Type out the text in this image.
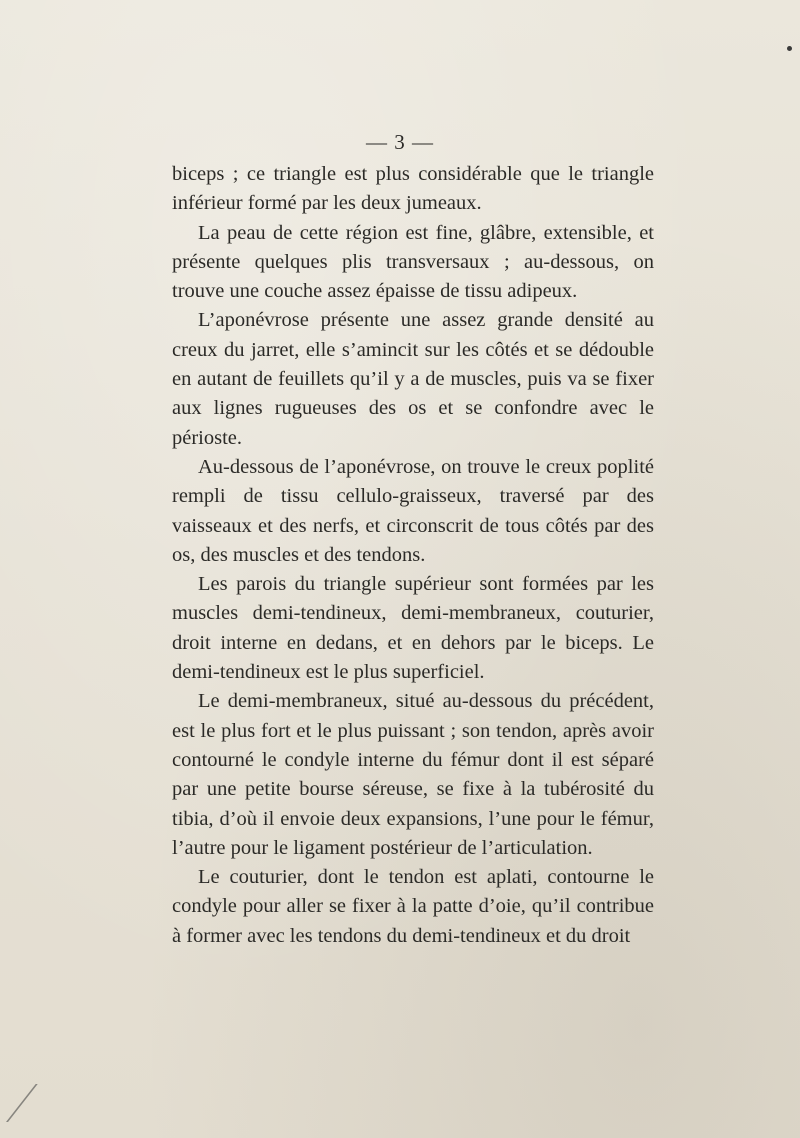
— 3 —

biceps ; ce triangle est plus considérable que le triangle inférieur formé par les deux jumeaux.

La peau de cette région est fine, glâbre, extensible, et présente quelques plis transversaux ; au-dessous, on trouve une couche assez épaisse de tissu adipeux.

L’aponévrose présente une assez grande densité au creux du jarret, elle s’amincit sur les côtés et se dédouble en autant de feuillets qu’il y a de muscles, puis va se fixer aux lignes rugueuses des os et se confondre avec le périoste.

Au-dessous de l’aponévrose, on trouve le creux poplité rempli de tissu cellulo-graisseux, traversé par des vaisseaux et des nerfs, et circonscrit de tous côtés par des os, des muscles et des tendons.

Les parois du triangle supérieur sont formées par les muscles demi-tendineux, demi-membraneux, couturier, droit interne en dedans, et en dehors par le biceps. Le demi-tendineux est le plus superficiel.

Le demi-membraneux, situé au-dessous du précédent, est le plus fort et le plus puissant ; son tendon, après avoir contourné le condyle interne du fémur dont il est séparé par une petite bourse séreuse, se fixe à la tubérosité du tibia, d’où il envoie deux expansions, l’une pour le fémur, l’autre pour le ligament postérieur de l’articulation.

Le couturier, dont le tendon est aplati, contourne le condyle pour aller se fixer à la patte d’oie, qu’il contribue à former avec les tendons du demi-tendineux et du droit
